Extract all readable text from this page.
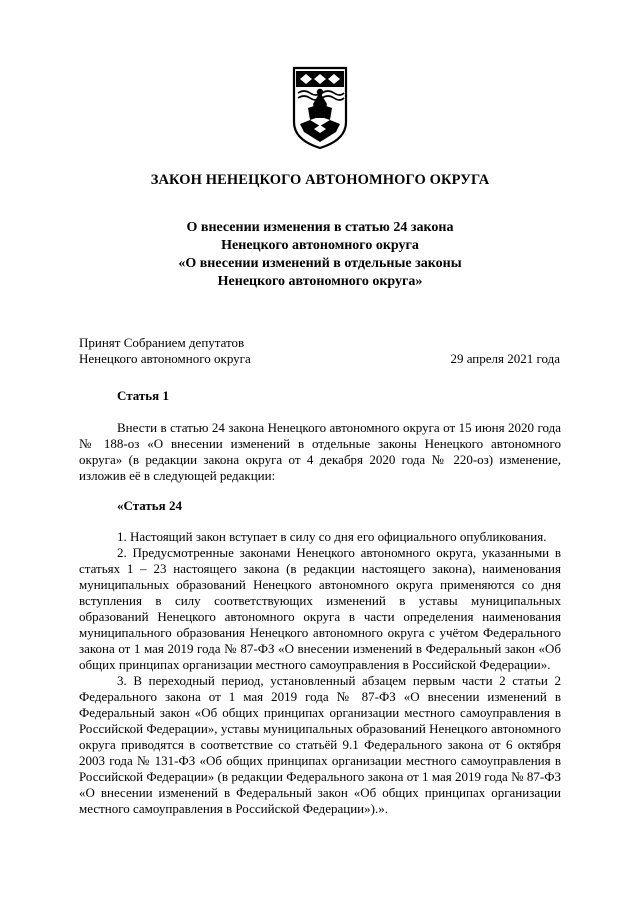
ЗАКОН НЕНЕЦКОГО АВТОНОМНОГО ОКРУГА
О внесении изменения в статью 24 закона
Ненецкого автономного округа
«О внесении изменений в отдельные законы
Ненецкого автономного округа»
Принят Собранием депутатов
Ненецкого автономного округа	29 апреля 2021 года
Статья 1

Внести в статью 24 закона Ненецкого автономного округа от 15 июня 2020 года № 188-оз «О внесении изменений в отдельные законы Ненецкого автономного округа» (в редакции закона округа от 4 декабря 2020 года № 220-оз) изменение, изложив её в следующей редакции:

«Статья 24

1. Настоящий закон вступает в силу со дня его официального опубликования.

2. Предусмотренные законами Ненецкого автономного округа, указанными в статьях 1 – 23 настоящего закона (в редакции настоящего закона), наименования муниципальных образований Ненецкого автономного округа применяются со дня вступления в силу соответствующих изменений в уставы муниципальных образований Ненецкого автономного округа в части определения наименования муниципального образования Ненецкого автономного округа с учётом Федерального закона от 1 мая 2019 года № 87-ФЗ «О внесении изменений в Федеральный закон «Об общих принципах организации местного самоуправления в Российской Федерации».

3. В переходный период, установленный абзацем первым части 2 статьи 2 Федерального закона от 1 мая 2019 года № 87-ФЗ «О внесении изменений в Федеральный закон «Об общих принципах организации местного самоуправления в Российской Федерации», уставы муниципальных образований Ненецкого автономного округа приводятся в соответствие со статьёй 9.1 Федерального закона от 6 октября 2003 года № 131-ФЗ «Об общих принципах организации местного самоуправления в Российской Федерации» (в редакции Федерального закона от 1 мая 2019 года № 87-ФЗ «О внесении изменений в Федеральный закон «Об общих принципах организации местного самоуправления в Российской Федерации»).».
